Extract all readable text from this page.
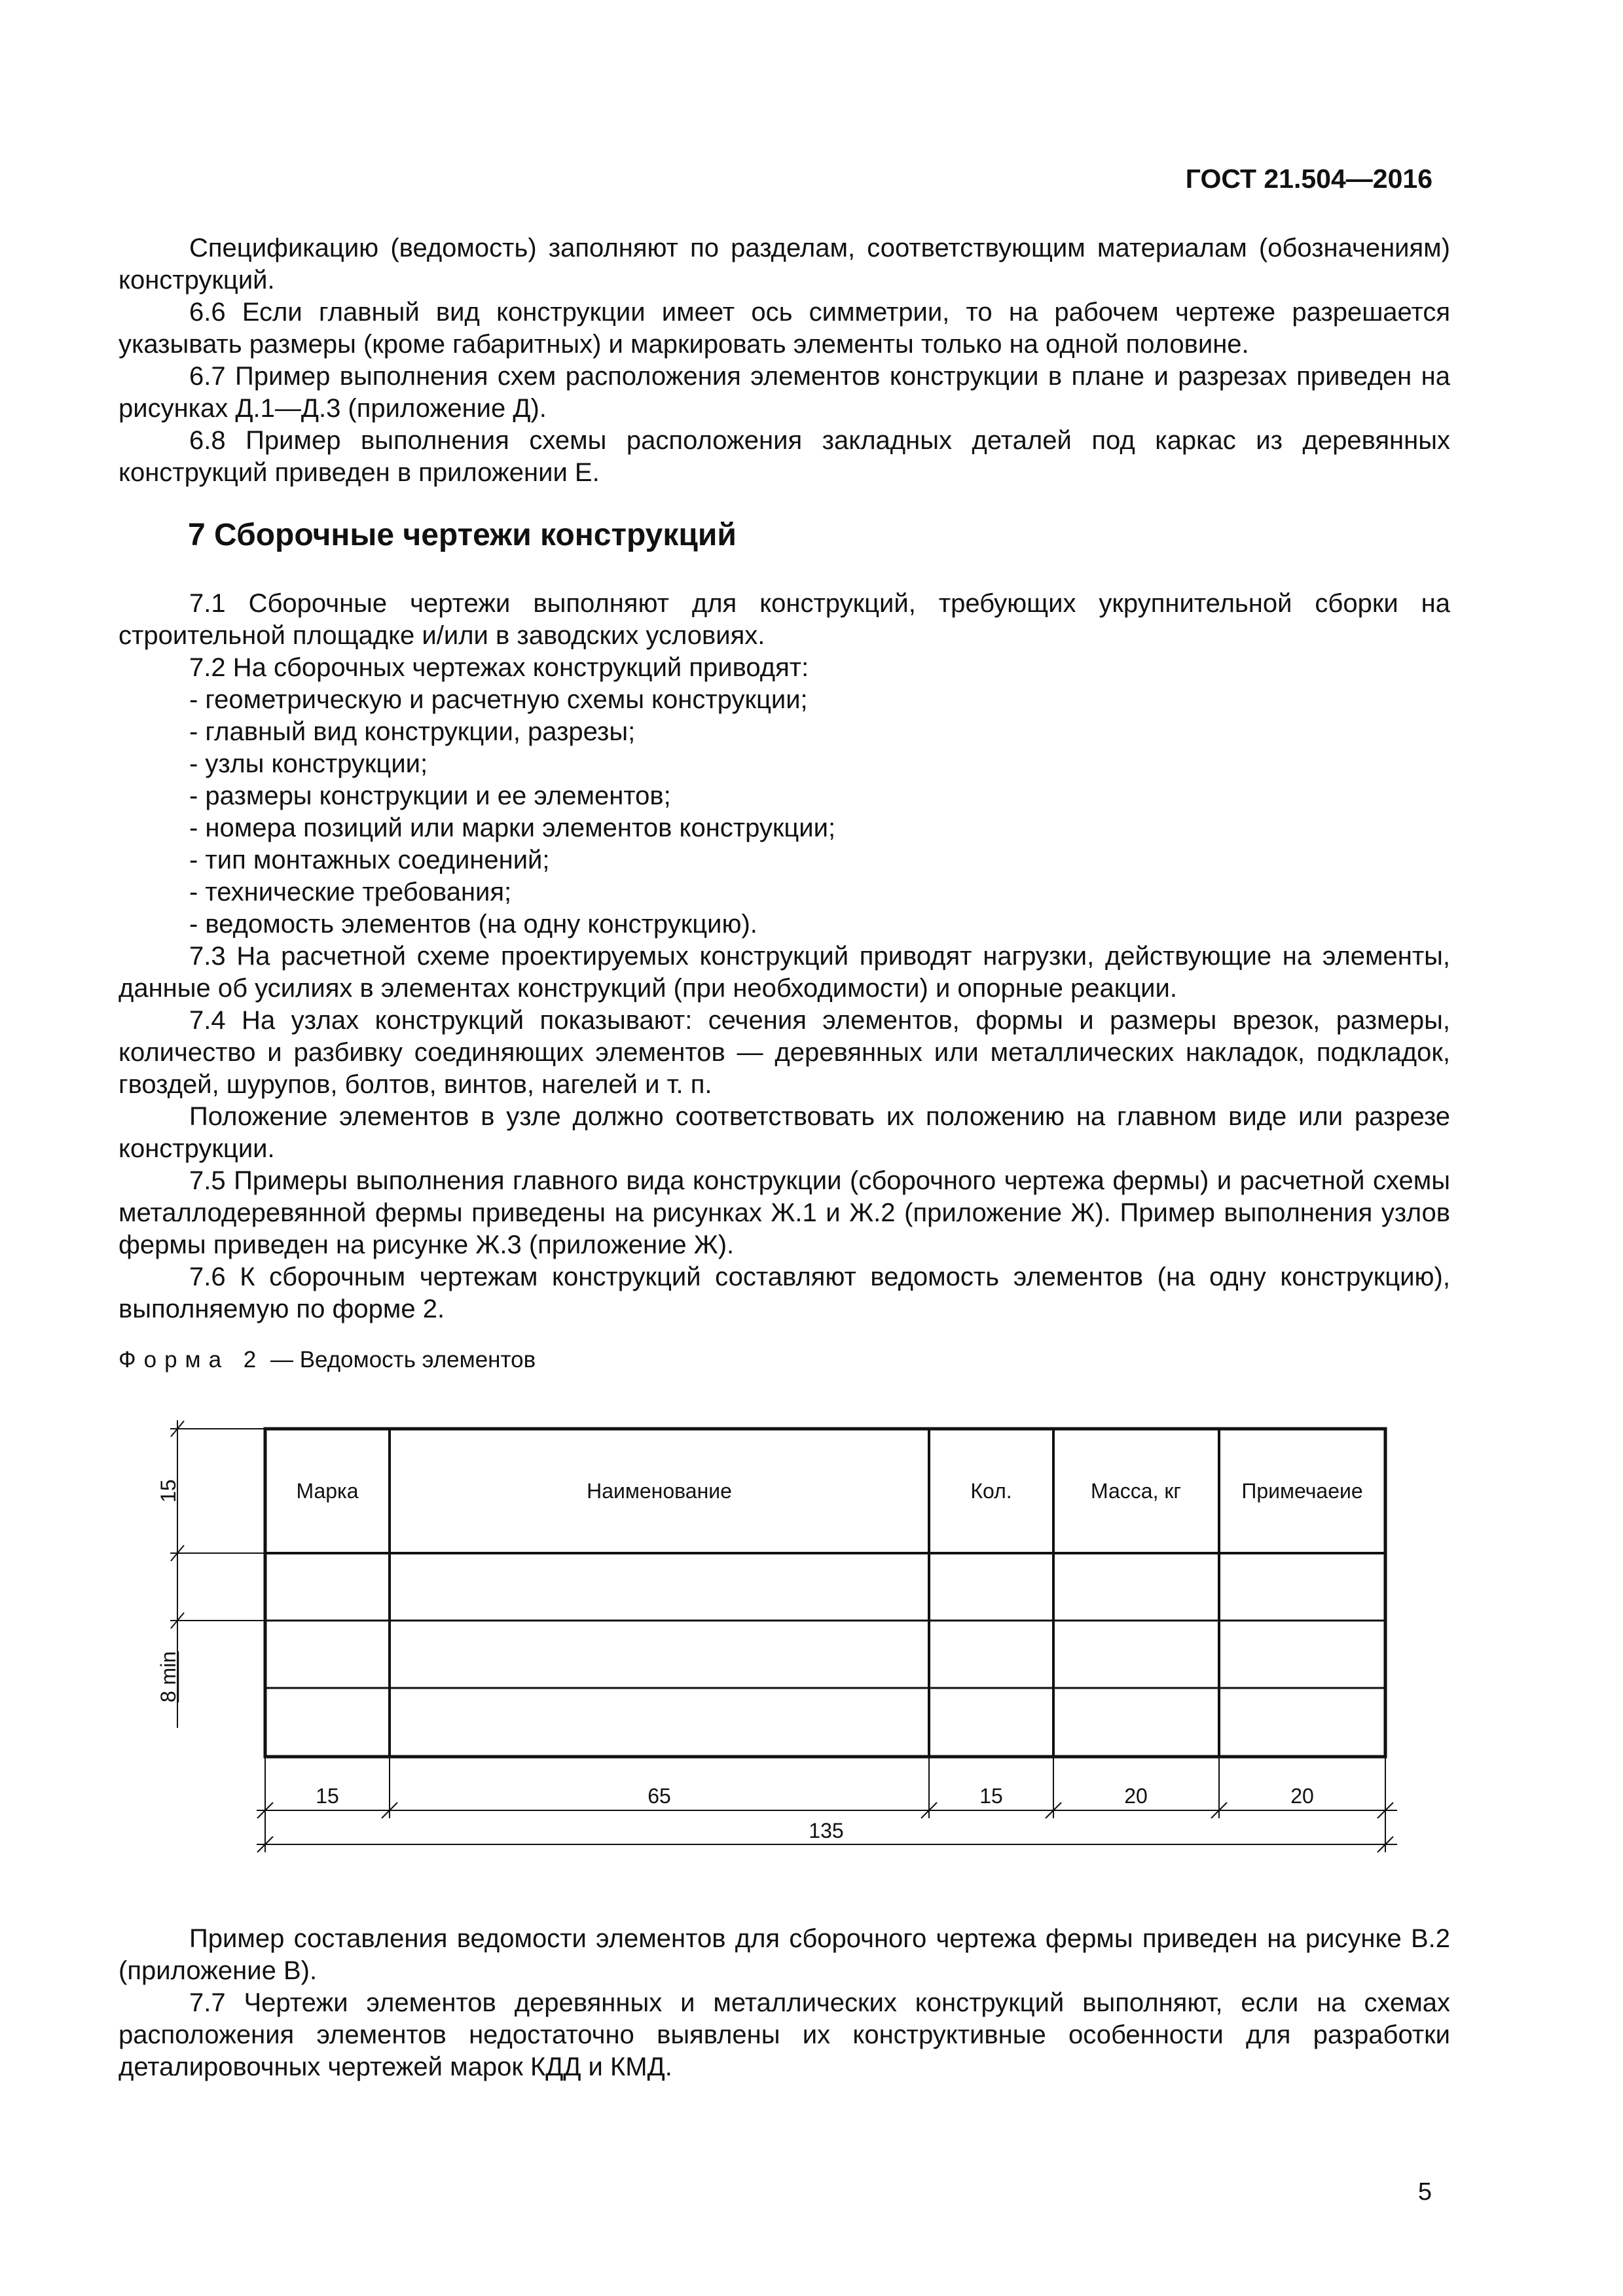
ГОСТ 21.504—2016

Спецификацию (ведомость) заполняют по разделам, соответствующим материалам (обозначениям) конструкций.

6.6 Если главный вид конструкции имеет ось симметрии, то на рабочем чертеже разрешается указывать размеры (кроме габаритных) и маркировать элементы только на одной половине.

6.7 Пример выполнения схем расположения элементов конструкции в плане и разрезах приведен на рисунках Д.1—Д.3 (приложение Д).

6.8 Пример выполнения схемы расположения закладных деталей под каркас из деревянных конструкций приведен в приложении Е.

7 Сборочные чертежи конструкций

7.1 Сборочные чертежи выполняют для конструкций, требующих укрупнительной сборки на строительной площадке и/или в заводских условиях.

7.2 На сборочных чертежах конструкций приводят:

- геометрическую и расчетную схемы конструкции;

- главный вид конструкции, разрезы;

- узлы конструкции;

- размеры конструкции и ее элементов;

- номера позиций или марки элементов конструкции;

- тип монтажных соединений;

- технические требования;

- ведомость элементов (на одну конструкцию).

7.3 На расчетной схеме проектируемых конструкций приводят нагрузки, действующие на элементы, данные об усилиях в элементах конструкций (при необходимости) и опорные реакции.

7.4 На узлах конструкций показывают: сечения элементов, формы и размеры врезок, размеры, количество и разбивку соединяющих элементов — деревянных или металлических накладок, подкладок, гвоздей, шурупов, болтов, винтов, нагелей и т. п.

Положение элементов в узле должно соответствовать их положению на главном виде или разрезе конструкции.

7.5 Примеры выполнения главного вида конструкции (сборочного чертежа фермы) и расчетной схемы металлодеревянной фермы приведены на рисунках Ж.1 и Ж.2 (приложение Ж). Пример выполнения узлов фермы приведен на рисунке Ж.3 (приложение Ж).

7.6 К сборочным чертежам конструкций составляют ведомость элементов (на одну конструкцию), выполняемую по форме 2.

Форма 2 — Ведомость элементов
Марка	Наименование	Кол.	Масса, кг	Примечаеие
15
8 min
15	65	15	20	20
135

Пример составления ведомости элементов для сборочного чертежа фермы приведен на рисунке В.2 (приложение В).

7.7 Чертежи элементов деревянных и металлических конструкций выполняют, если на схемах расположения элементов недостаточно выявлены их конструктивные особенности для разработки деталировочных чертежей марок КДД и КМД.

5
